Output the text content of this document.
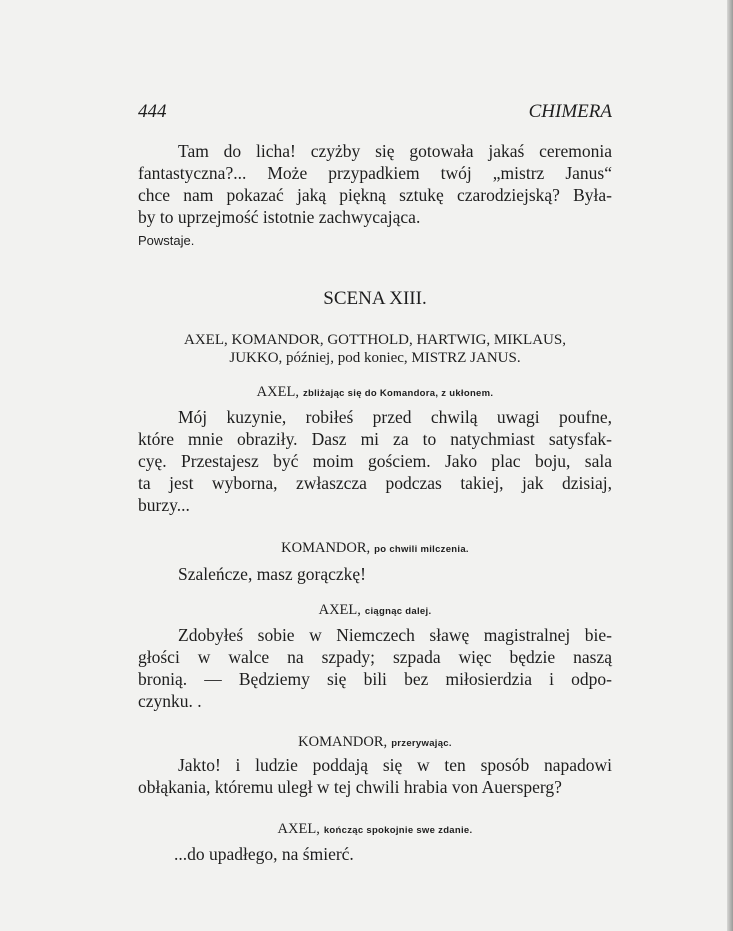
444	CHIMERA
Tam do licha! czyżby się gotowała jakaś ceremonia
fantastyczna?... Może przypadkiem twój „mistrz Janus“
chce nam pokazać jaką piękną sztukę czarodziejską? Była-
by to uprzejmość istotnie zachwycająca.
Powstaje.
SCENA XIII.
AXEL, KOMANDOR, GOTTHOLD, HARTWIG, MIKLAUS,
JUKKO, później, pod koniec, MISTRZ JANUS.
AXEL, zbliżając się do Komandora, z ukłonem.
Mój kuzynie, robiłeś przed chwilą uwagi poufne,
które mnie obraziły. Dasz mi za to natychmiast satysfak-
cyę. Przestajesz być moim gościem. Jako plac boju, sala
ta jest wyborna, zwłaszcza podczas takiej, jak dzisiaj,
burzy...
KOMANDOR, po chwili milczenia.
Szaleńcze, masz gorączkę!
AXEL, ciągnąc dalej.
Zdobyłeś sobie w Niemczech sławę magistralnej bie-
głości w walce na szpady; szpada więc będzie naszą
bronią. — Będziemy się bili bez miłosierdzia i odpo-
czynku. .
KOMANDOR, przerywając.
Jakto! i ludzie poddają się w ten sposób napadowi
obłąkania, któremu uległ w tej chwili hrabia von Auersperg?
AXEL, kończąc spokojnie swe zdanie.
...do upadłego, na śmierć.
